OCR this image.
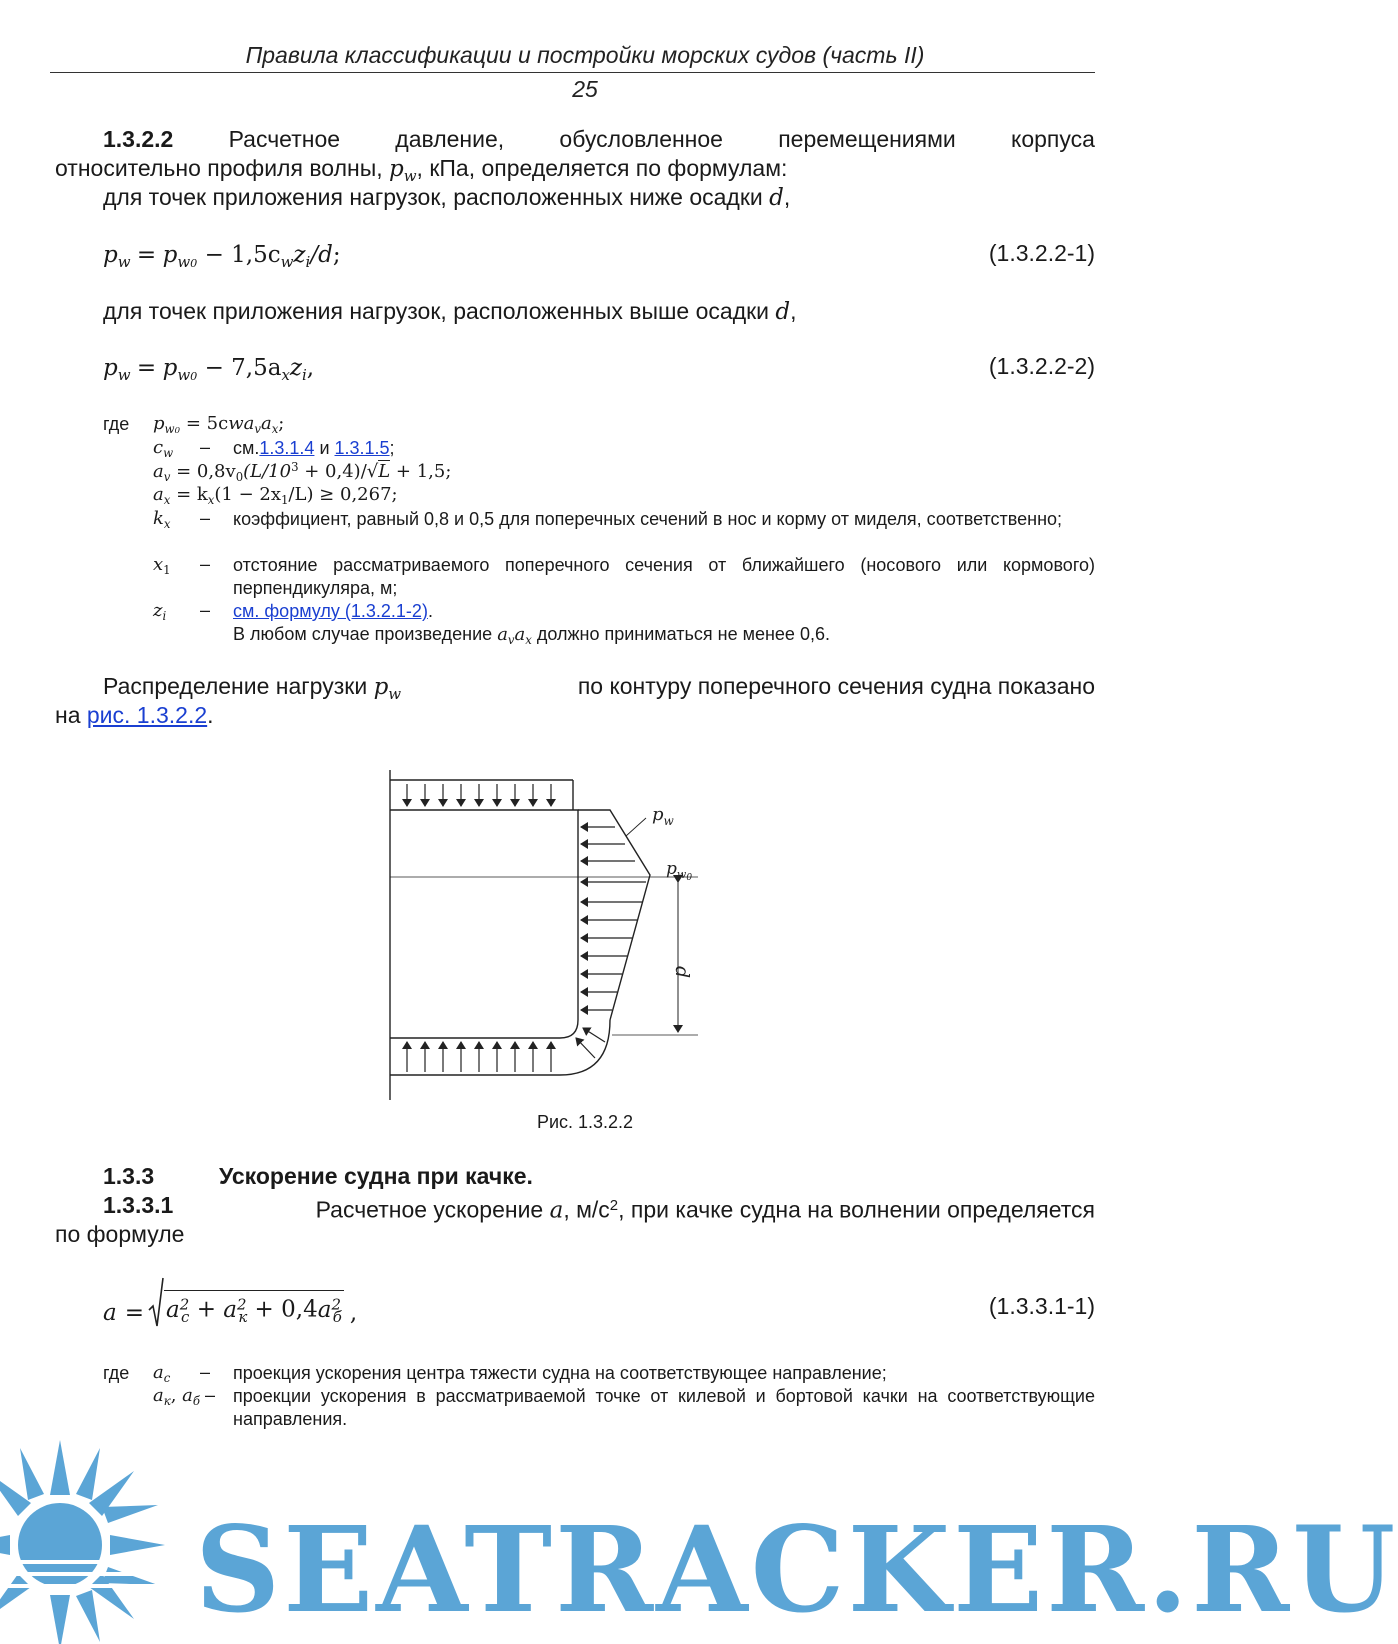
Правила классификации и постройки морских судов (часть II)
25
1.3.2.2 Расчетное давление, обусловленное перемещениями корпуса
относительно профиля волны, $p_w$, кПа, определяется по формулам:
для точек приложения нагрузок, расположенных ниже осадки d,
$p_w = p_{w0} - 1,5c_wz_i/d$;	(1.3.2.2-1)
для точек приложения нагрузок, расположенных выше осадки d,
$p_w = p_{w0} - 7,5a_xz_i$,	(1.3.2.2-2)
где $p_{w0} = 5cwa_va_x$;
$c_w - см.1.3.1.4$ и 1.3.1.5;
$a_v = 0,8v_0(L/10^3 + 0,4)/√L + 1,5$;
$a_x = k_x(1 - 2x_1/L) \ge 0,267$;
$k_x$ – коэффициент, равный 0,8 и 0,5 для поперечных сечений в нос и корму от миделя, соответственно;
$x_1$ – отстояние рассматриваемого поперечного сечения от ближайшего (носового или кормового) перпендикуляра, м;
$z_i$ – см. формулу (1.3.2.1-2).
В любом случае произведение $a_va_x$ должно приниматься не менее 0,6.
Распределение нагрузки $p_w$	по контуру поперечного сечения судна показано
на рис. 1.3.2.2.
$p_w$
$p_w0$
d
Рис. 1.3.2.2
1.3.3	Ускорение судна при качке.
1.3.3.1	Расчетное ускорение a, $м/с^2$, при качке судна на волнении определяется
по формуле
$a = a^2_c + a^2_к + 0,4a^2_б$ ,	(1.3.3.1-1)
где $a_c$ – проекция ускорения центра тяжести судна на соответствующее направление;
$a_к$, $a_б$ – проекции ускорения в рассматриваемой точке от килевой и бортовой качки на соответствующие направления.
SEATRACKER.RU
